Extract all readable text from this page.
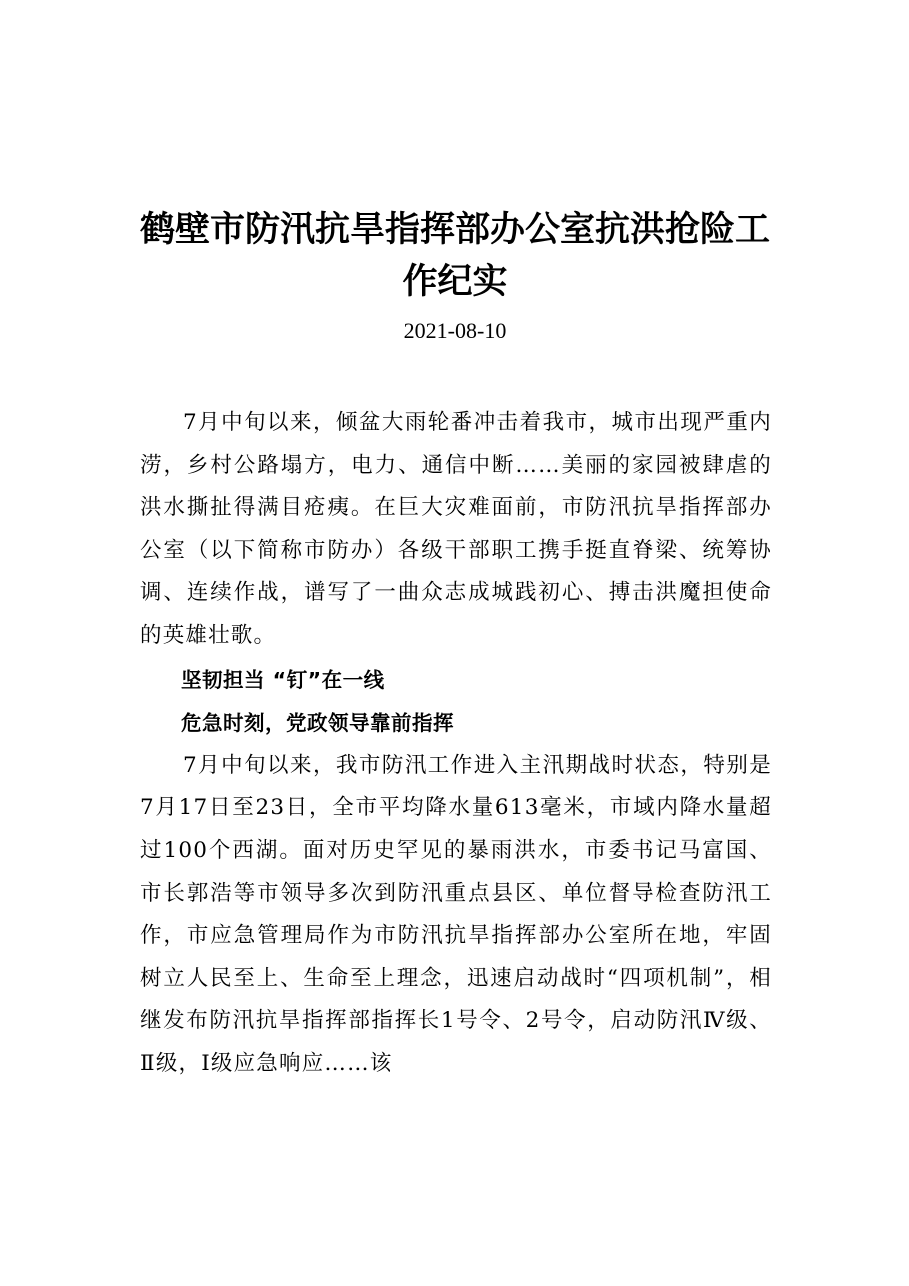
鹤壁市防汛抗旱指挥部办公室抗洪抢险工作纪实
2021-08-10

7月中旬以来，倾盆大雨轮番冲击着我市，城市出现严重内涝，乡村公路塌方，电力、通信中断……美丽的家园被肆虐的洪水撕扯得满目疮痍。在巨大灾难面前，市防汛抗旱指挥部办公室（以下简称市防办）各级干部职工携手挺直脊梁、统筹协调、连续作战，谱写了一曲众志成城践初心、搏击洪魔担使命的英雄壮歌。

坚韧担当 “钉”在一线

危急时刻，党政领导靠前指挥

7月中旬以来，我市防汛工作进入主汛期战时状态，特别是7月17日至23日，全市平均降水量613毫米，市域内降水量超过100个西湖。面对历史罕见的暴雨洪水，市委书记马富国、市长郭浩等市领导多次到防汛重点县区、单位督导检查防汛工作，市应急管理局作为市防汛抗旱指挥部办公室所在地，牢固树立人民至上、生命至上理念，迅速启动战时“四项机制”，相继发布防汛抗旱指挥部指挥长1号令、2号令，启动防汛Ⅳ级、Ⅱ级，Ⅰ级应急响应……该
